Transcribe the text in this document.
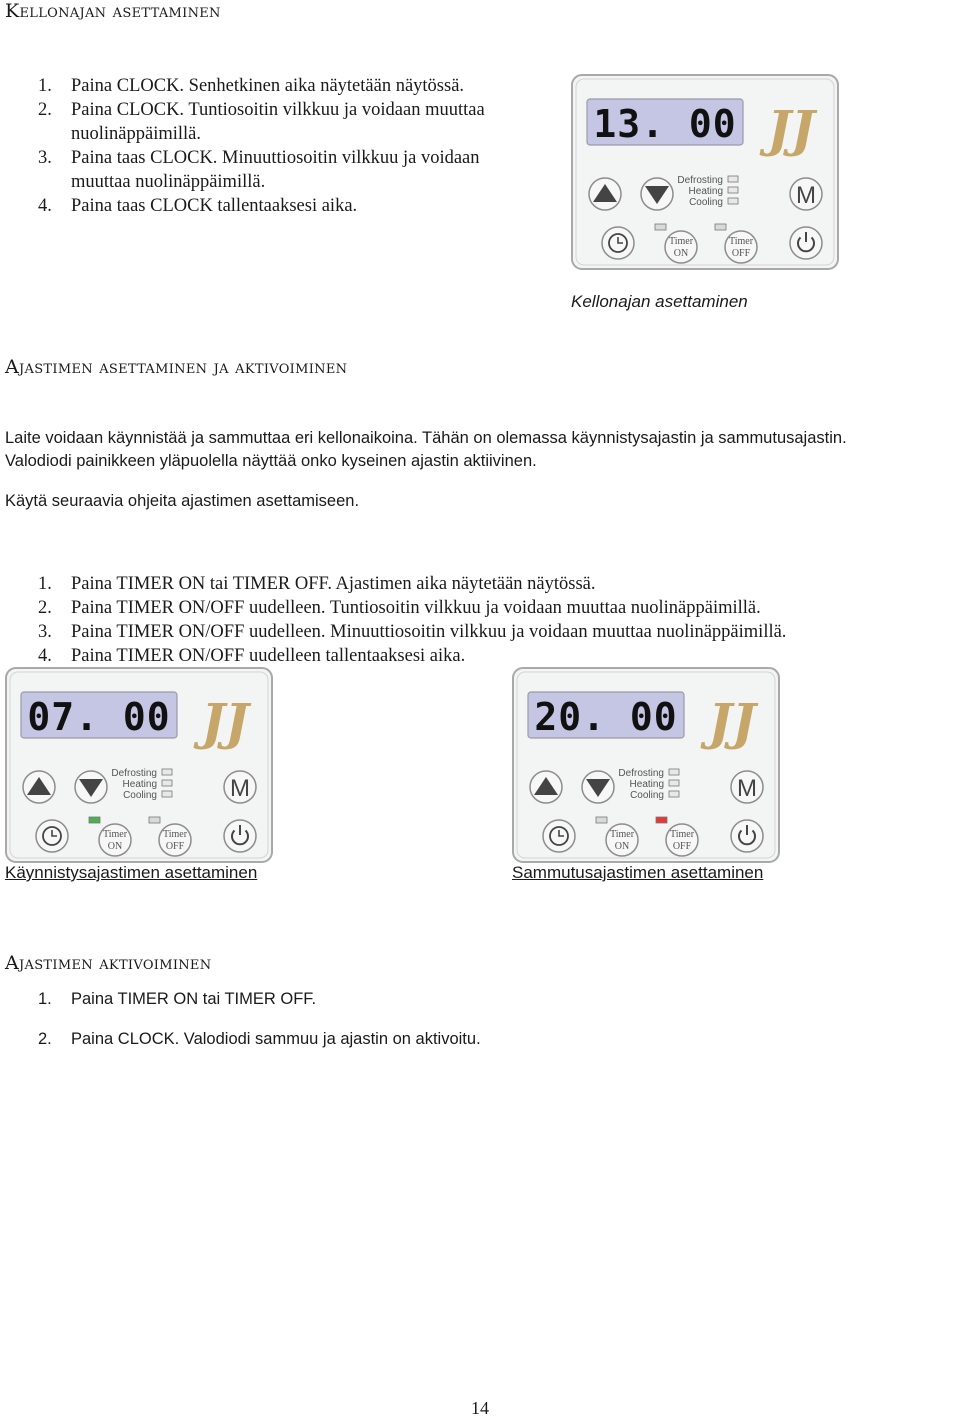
Kellonajan asettaminen
1. Paina CLOCK. Senhetkinen aika näytetään näytössä.
2. Paina CLOCK. Tuntiosoitin vilkkuu ja voidaan muuttaa
nuolinäppäimillä.
3. Paina taas CLOCK. Minuuttiosoitin vilkkuu ja voidaan
muuttaa nuolinäppäimillä.
4. Paina taas CLOCK tallentaaksesi aika.
13. 00 JJ
Defrosting
Heating
Cooling	M
Timer
ON
Timer
OFF
Kellonajan asettaminen
Ajastimen asettaminen ja aktivoiminen
Laite voidaan käynnistää ja sammuttaa eri kellonaikoina. Tähän on olemassa käynnistysajastin ja sammutusajastin.
Valodiodi painikkeen yläpuolella näyttää onko kyseinen ajastin aktiivinen.
Käytä seuraavia ohjeita ajastimen asettamiseen.
1. Paina TIMER ON tai TIMER OFF. Ajastimen aika näytetään näytössä.
2. Paina TIMER ON/OFF uudelleen. Tuntiosoitin vilkkuu ja voidaan muuttaa nuolinäppäimillä.
3. Paina TIMER ON/OFF uudelleen. Minuuttiosoitin vilkkuu ja voidaan muuttaa nuolinäppäimillä.
4. Paina TIMER ON/OFF uudelleen tallentaaksesi aika.
07. 00 JJ
Defrosting
Heating
Cooling	M
Timer
ON
Timer
OFF
20. 00 JJ
Defrosting
Heating
Cooling	M
Timer
ON
Timer
OFF
Käynnistysajastimen asettaminen	Sammutusajastimen asettaminen
Ajastimen aktivoiminen
1. Paina TIMER ON tai TIMER OFF.
2. Paina CLOCK. Valodiodi sammuu ja ajastin on aktivoitu.
14
